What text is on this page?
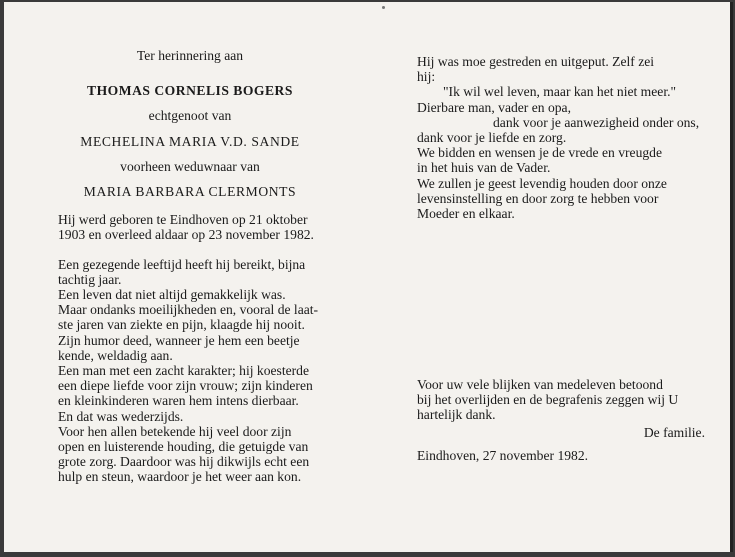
Ter herinnering aan

THOMAS CORNELIS BOGERS

echtgenoot van

MECHELINA MARIA V.D. SANDE

voorheen weduwnaar van

MARIA BARBARA CLERMONTS

Hij werd geboren te Eindhoven op 21 oktober

1903 en overleed aldaar op 23 november 1982.

Een gezegende leeftijd heeft hij bereikt, bijna

tachtig jaar.

Een leven dat niet altijd gemakkelijk was.

Maar ondanks moeilijkheden en, vooral de laat-

ste jaren van ziekte en pijn, klaagde hij nooit.

Zijn humor deed, wanneer je hem een beetje

kende, weldadig aan.

Een man met een zacht karakter; hij koesterde

een diepe liefde voor zijn vrouw; zijn kinderen

en kleinkinderen waren hem intens dierbaar.

En dat was wederzijds.

Voor hen allen betekende hij veel door zijn

open en luisterende houding, die getuigde van

grote zorg. Daardoor was hij dikwijls echt een

hulp en steun, waardoor je het weer aan kon.

Hij was moe gestreden en uitgeput. Zelf zei

hij:

"Ik wil wel leven, maar kan het niet meer."

Dierbare man, vader en opa,

dank voor je aanwezigheid onder ons,

dank voor je liefde en zorg.

We bidden en wensen je de vrede en vreugde

in het huis van de Vader.

We zullen je geest levendig houden door onze

levensinstelling en door zorg te hebben voor

Moeder en elkaar.

Voor uw vele blijken van medeleven betoond

bij het overlijden en de begrafenis zeggen wij U

hartelijk dank.

De familie.

Eindhoven, 27 november 1982.
